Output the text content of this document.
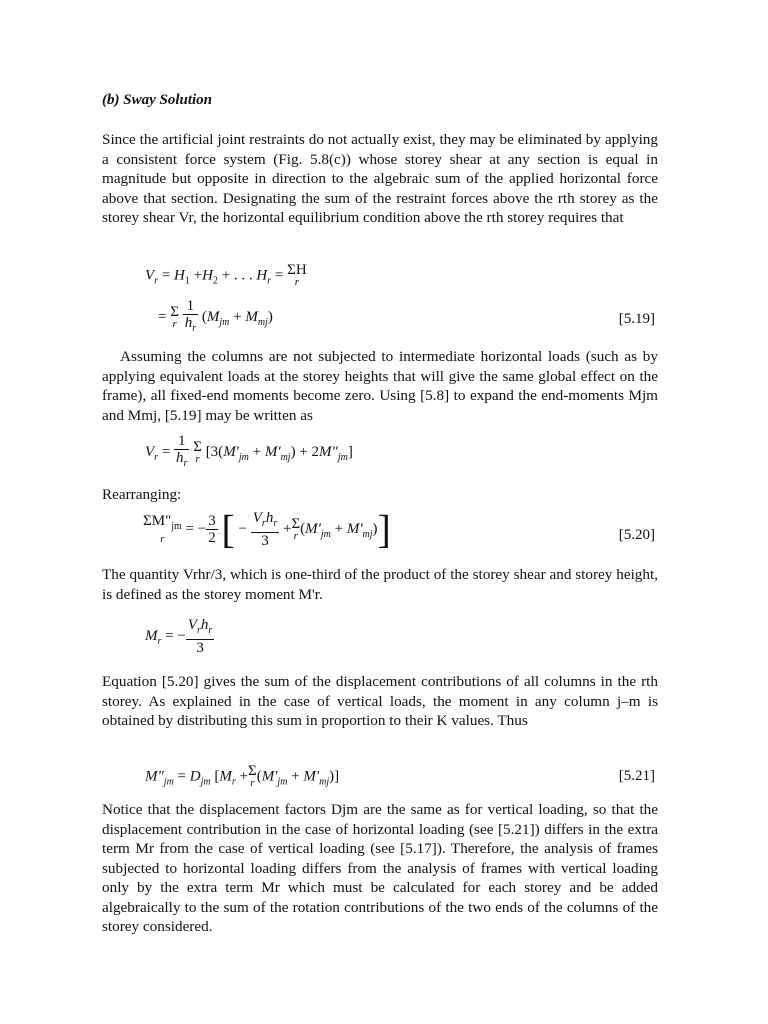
(b) Sway Solution

Since the artificial joint restraints do not actually exist, they may be eliminated by applying a consistent force system (Fig. 5.8(c)) whose storey shear at any section is equal in magnitude but opposite in direction to the algebraic sum of the applied horizontal force above that section. Designating the sum of the restraint forces above the rth storey as the storey shear Vr, the horizontal equilibrium condition above the rth storey requires that

$V_r = H_1 +H_2$ + . . . $H_r = \Sigma H$
r
= Σ
r
$\frac{1}{h_r} (M_{jm} + M_{mj})$	[5.19]

Assuming the columns are not subjected to intermediate horizontal loads (such as by applying equivalent loads at the storey heights that will give the same global effect on the frame), all fixed-end moments become zero. Using [5.8] to expand the end-moments Mjm and Mmj, [5.19] may be written as

$V_r = \frac{1}{h_r}$
Σ
r [$3(M'_{jm} + M'_{mj})$ + $2M"_{jm}$]

Rearranging:

$\Sigma M"_{jm}$
r
= − $\frac{3}{2}$ [ − $\frac{V_rh_r}{3} + \Sigma$
r $(M'_{jm} + M'_{mj})$]	[5.20]

The quantity Vrhr/3, which is one-third of the product of the storey shear and storey height, is defined as the storey moment M'r.

$M_r$ = − $\frac{V_rh_r}{3}$

Equation [5.20] gives the sum of the displacement contributions of all columns in the rth storey. As explained in the case of vertical loads, the moment in any column j–m is obtained by distributing this sum in proportion to their K values. Thus

$M"_{jm} = D_{jm}$ [$M_r + \Sigma$
r $(M'_{jm} + M'_{mj})$]	[5.21]

Notice that the displacement factors Djm are the same as for vertical loading, so that the displacement contribution in the case of horizontal loading (see [5.21]) differs in the extra term Mr from the case of vertical loading (see [5.17]). Therefore, the analysis of frames subjected to horizontal loading differs from the analysis of frames with vertical loading only by the extra term Mr which must be calculated for each storey and be added algebraically to the sum of the rotation contributions of the two ends of the columns of the storey considered.
